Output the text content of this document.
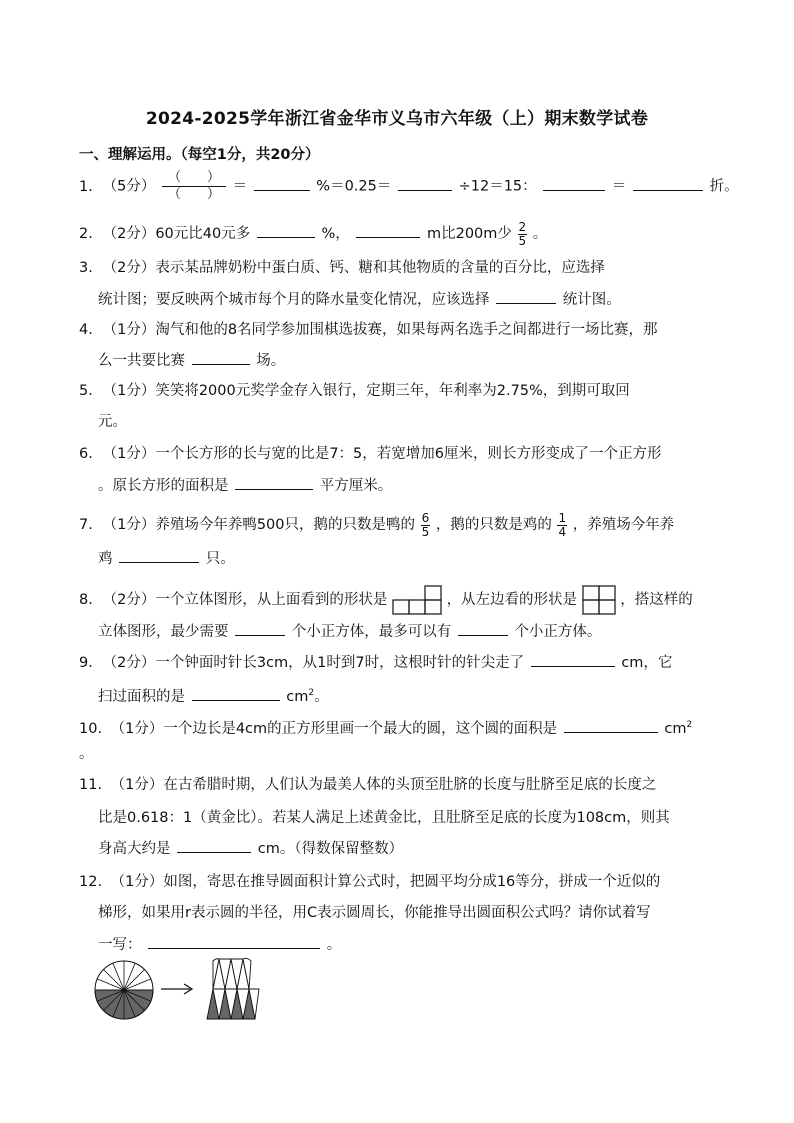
2024-2025学年浙江省金华市义乌市六年级（上）期末数学试卷
一、理解运用。（每空1分，共20分）
1. （5分）
（　　）
（　　） ＝	%＝0.25＝	÷12＝15：	＝	折。
2. （2分）60元比40元多	%，	m比200m少 $\frac{2}{5}$ 。
3. （2分）表示某品牌奶粉中蛋白质、钙、糖和其他物质的含量的百分比，应选择
统计图；要反映两个城市每个月的降水量变化情况，应该选择	统计图。
4. （1分）淘气和他的8名同学参加围棋选拔赛，如果每两名选手之间都进行一场比赛，那
么一共要比赛	场。
5. （1分）笑笑将2000元奖学金存入银行，定期三年，年利率为2.75%，到期可取回
元。
6. （1分）一个长方形的长与宽的比是7：5，若宽增加6厘米，则长方形变成了一个正方形
。原长方形的面积是	平方厘米。
7. （1分）养殖场今年养鸭500只，鹅的只数是鸭的 $\frac{6}{5}$ ，鹅的只数是鸡的 $\frac{1}{4}$ ，养殖场今年养
鸡	只。
8. （2分）一个立体图形，从上面看到的形状是	，从左边看的形状是	，搭这样的
立体图形，最少需要	个小正方体，最多可以有	个小正方体。
9. （2分）一个钟面时针长3cm，从1时到7时，这根时针的针尖走了	cm，它
扫过面积的是	$cm^2$。
10. （1分）一个边长是4cm的正方形里画一个最大的圆，这个圆的面积是	$cm^2$
。
11. （1分）在古希腊时期，人们认为最美人体的头顶至肚脐的长度与肚脐至足底的长度之
比是0.618：1（黄金比）。若某人满足上述黄金比，且肚脐至足底的长度为108cm，则其
身高大约是	cm。（得数保留整数）
12. （1分）如图，寄思在推导圆面积计算公式时，把圆平均分成16等分，拼成一个近似的
梯形，如果用r表示圆的半径，用C表示圆周长，你能推导出圆面积公式吗？请你试着写
一写：	。
